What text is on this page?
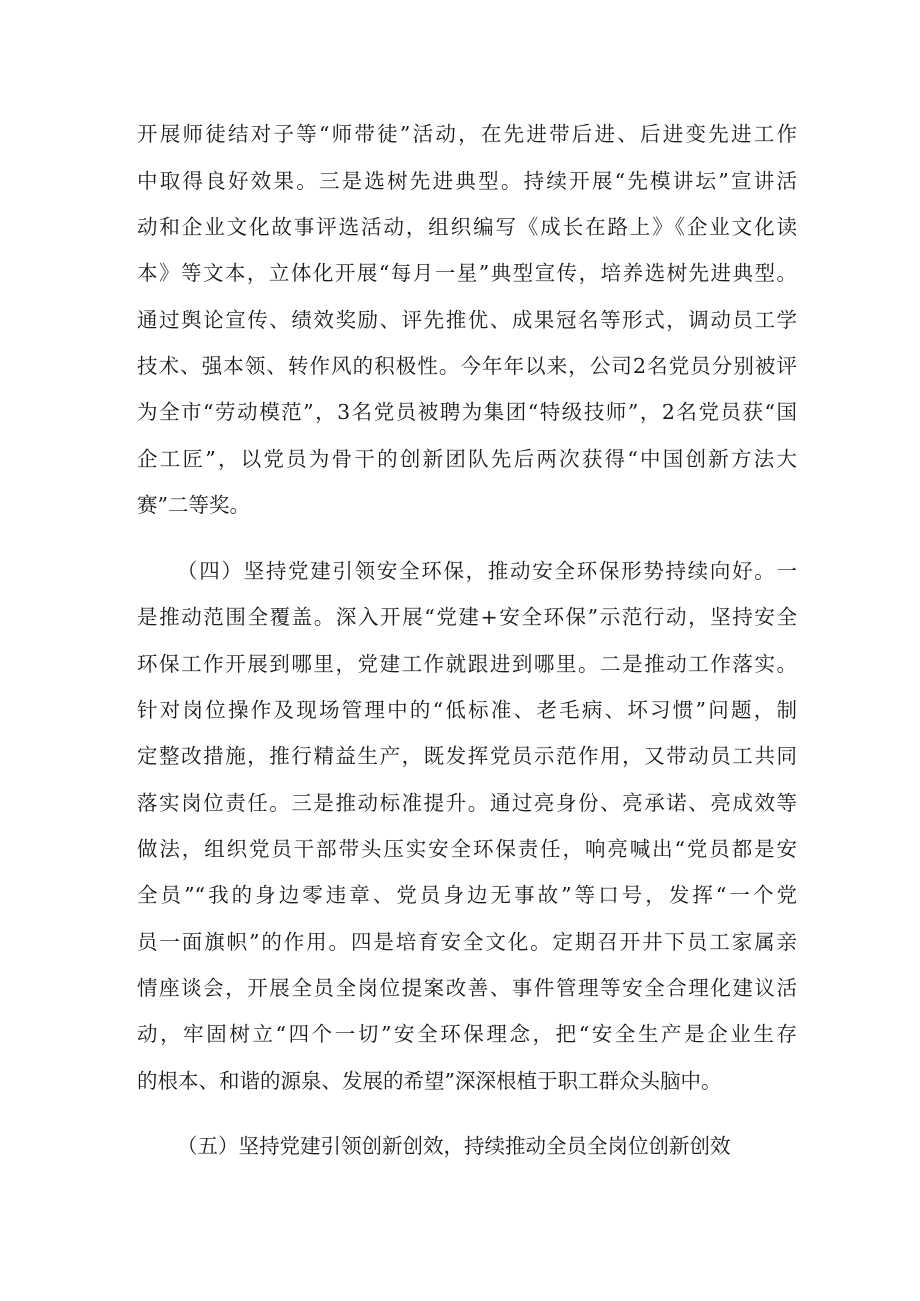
开展师徒结对子等“师带徒”活动，在先进带后进、后进变先进工作
中取得良好效果。三是选树先进典型。持续开展“先模讲坛”宣讲活
动和企业文化故事评选活动，组织编写《成长在路上》《企业文化读
本》等文本，立体化开展“每月一星”典型宣传，培养选树先进典型。
通过舆论宣传、绩效奖励、评先推优、成果冠名等形式，调动员工学
技术、强本领、转作风的积极性。今年年以来，公司2名党员分别被评
为全市“劳动模范”，3名党员被聘为集团“特级技师”，2名党员获“国
企工匠”，以党员为骨干的创新团队先后两次获得“中国创新方法大
赛”二等奖。
（四）坚持党建引领安全环保，推动安全环保形势持续向好。一
是推动范围全覆盖。深入开展“党建+安全环保”示范行动，坚持安全
环保工作开展到哪里，党建工作就跟进到哪里。二是推动工作落实。
针对岗位操作及现场管理中的“低标准、老毛病、坏习惯”问题，制
定整改措施，推行精益生产，既发挥党员示范作用，又带动员工共同
落实岗位责任。三是推动标准提升。通过亮身份、亮承诺、亮成效等
做法，组织党员干部带头压实安全环保责任，响亮喊出“党员都是安
全员”“我的身边零违章、党员身边无事故”等口号，发挥“一个党
员一面旗帜”的作用。四是培育安全文化。定期召开井下员工家属亲
情座谈会，开展全员全岗位提案改善、事件管理等安全合理化建议活
动，牢固树立“四个一切”安全环保理念，把“安全生产是企业生存
的根本、和谐的源泉、发展的希望”深深根植于职工群众头脑中。
（五）坚持党建引领创新创效，持续推动全员全岗位创新创效
